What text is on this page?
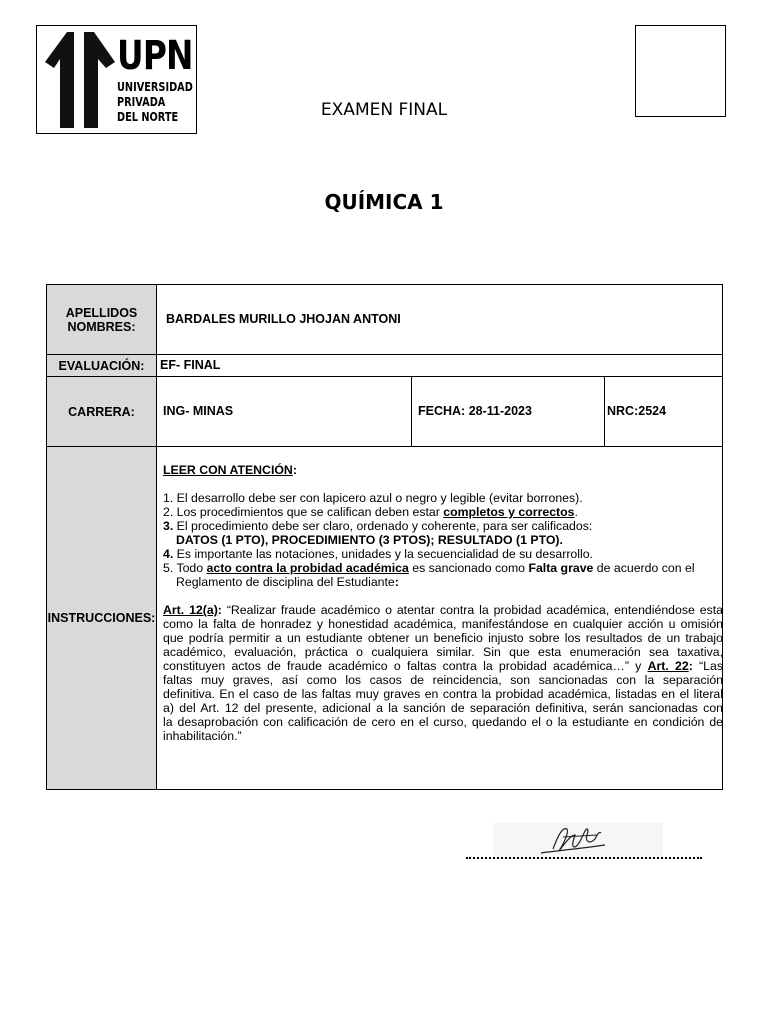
UPN
UNIVERSIDAD
PRIVADA
DEL NORTE	EXAMEN FINAL
QUÍMICA 1
APELLIDOS
NOMBRES:
BARDALES MURILLO JHOJAN ANTONI
EVALUACIÓN:	EF- FINAL
CARRERA:	ING- MINAS	FECHA: 28-11-2023	NRC:2524
INSTRUCCIONES:

LEER CON ATENCIÓN:

1. El desarrollo debe ser con lapicero azul o negro y legible (evitar borrones).

2. Los procedimientos que se califican deben estar completos y correctos.

3. El procedimiento debe ser claro, ordenado y coherente, para ser calificados:

DATOS (1 PTO), PROCEDIMIENTO (3 PTOS); RESULTADO (1 PTO).

4. Es importante las notaciones, unidades y la secuencialidad de su desarrollo.

5. Todo acto contra la probidad académica es sancionado como Falta grave de acuerdo con el

Reglamento de disciplina del Estudiante:

Art. 12(a): “Realizar fraude académico o atentar contra la probidad académica, entendiéndose esta

como la falta de honradez y honestidad académica, manifestándose en cualquier acción u omisión

que podría permitir a un estudiante obtener un beneficio injusto sobre los resultados de un trabajo

académico, evaluación, práctica o cualquiera similar. Sin que esta enumeración sea taxativa,

constituyen actos de fraude académico o faltas contra la probidad académica…” y Art. 22: “Las

faltas muy graves, así como los casos de reincidencia, son sancionadas con la separación

definitiva. En el caso de las faltas muy graves en contra la probidad académica, listadas en el literal

a) del Art. 12 del presente, adicional a la sanción de separación definitiva, serán sancionadas con

la desaprobación con calificación de cero en el curso, quedando el o la estudiante en condición de

inhabilitación.”
